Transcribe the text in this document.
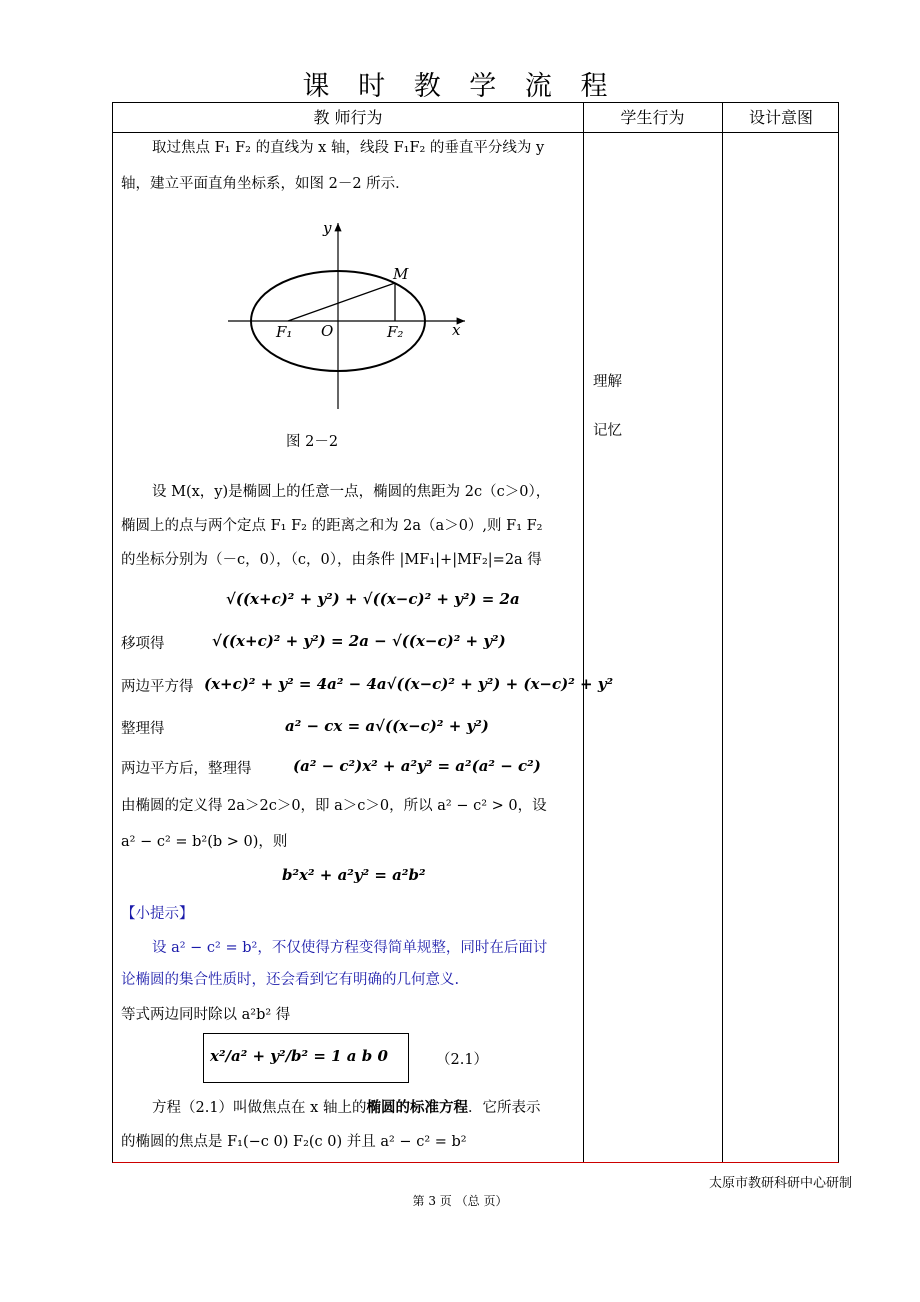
课 时 教 学 流 程
教 师行为	学生行为	设计意图
取过焦点 F₁ F₂ 的直线为 x 轴，线段 F₁F₂ 的垂直平分线为 y
轴，建立平面直角坐标系，如图 2－2 所示．
y
x
M
O
F₁	F₂
图 2－2
设 M(x，y)是椭圆上的任意一点，椭圆的焦距为 2c（c＞0），
椭圆上的点与两个定点 F₁ F₂ 的距离之和为 2a（a＞0）,则 F₁ F₂
的坐标分别为（－c，0），（c，0），由条件 |MF₁|+|MF₂|=2a 得
√((x+c)² + y²) + √((x−c)² + y²) = 2a
移项得	√((x+c)² + y²) = 2a − √((x−c)² + y²)
两边平方得 (x+c)² + y² = 4a² − 4a√((x−c)² + y²) + (x−c)² + y²
整理得	a² − cx = a√((x−c)² + y²)
两边平方后，整理得	(a² − c²)x² + a²y² = a²(a² − c²)
由椭圆的定义得 2a＞2c＞0，即 a＞c＞0，所以 a² − c² > 0，设
a² − c² = b²(b > 0)，则
b²x² + a²y² = a²b²
【小提示】
设 a² − c² = b²，不仅使得方程变得简单规整，同时在后面讨
论椭圆的集合性质时，还会看到它有明确的几何意义.
等式两边同时除以 a²b² 得
x²/a² + y²/b² = 1 a b 0	（2.1）
方程（2.1）叫做焦点在 x 轴上的椭圆的标准方程．它所表示
的椭圆的焦点是 F₁(−c 0) F₂(c 0) 并且 a² − c² = b²
理解
记忆
太原市教研科研中心研制
第 3 页 （总 页）
